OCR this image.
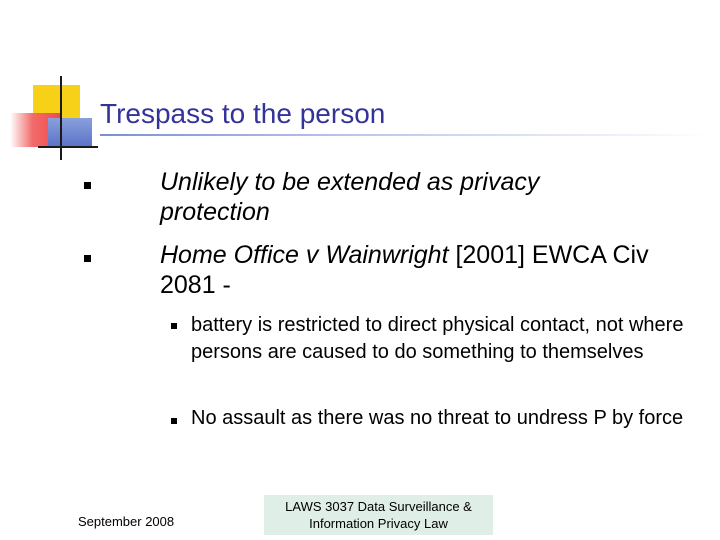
Trespass to the person
Unlikely to be extended as privacy protection
Home Office v Wainwright [2001] EWCA Civ 2081 -
battery is restricted to direct physical contact, not where persons are caused to do something to themselves
No assault as there was no threat to undress P by force
September 2008
LAWS 3037 Data Surveillance &
Information Privacy Law
